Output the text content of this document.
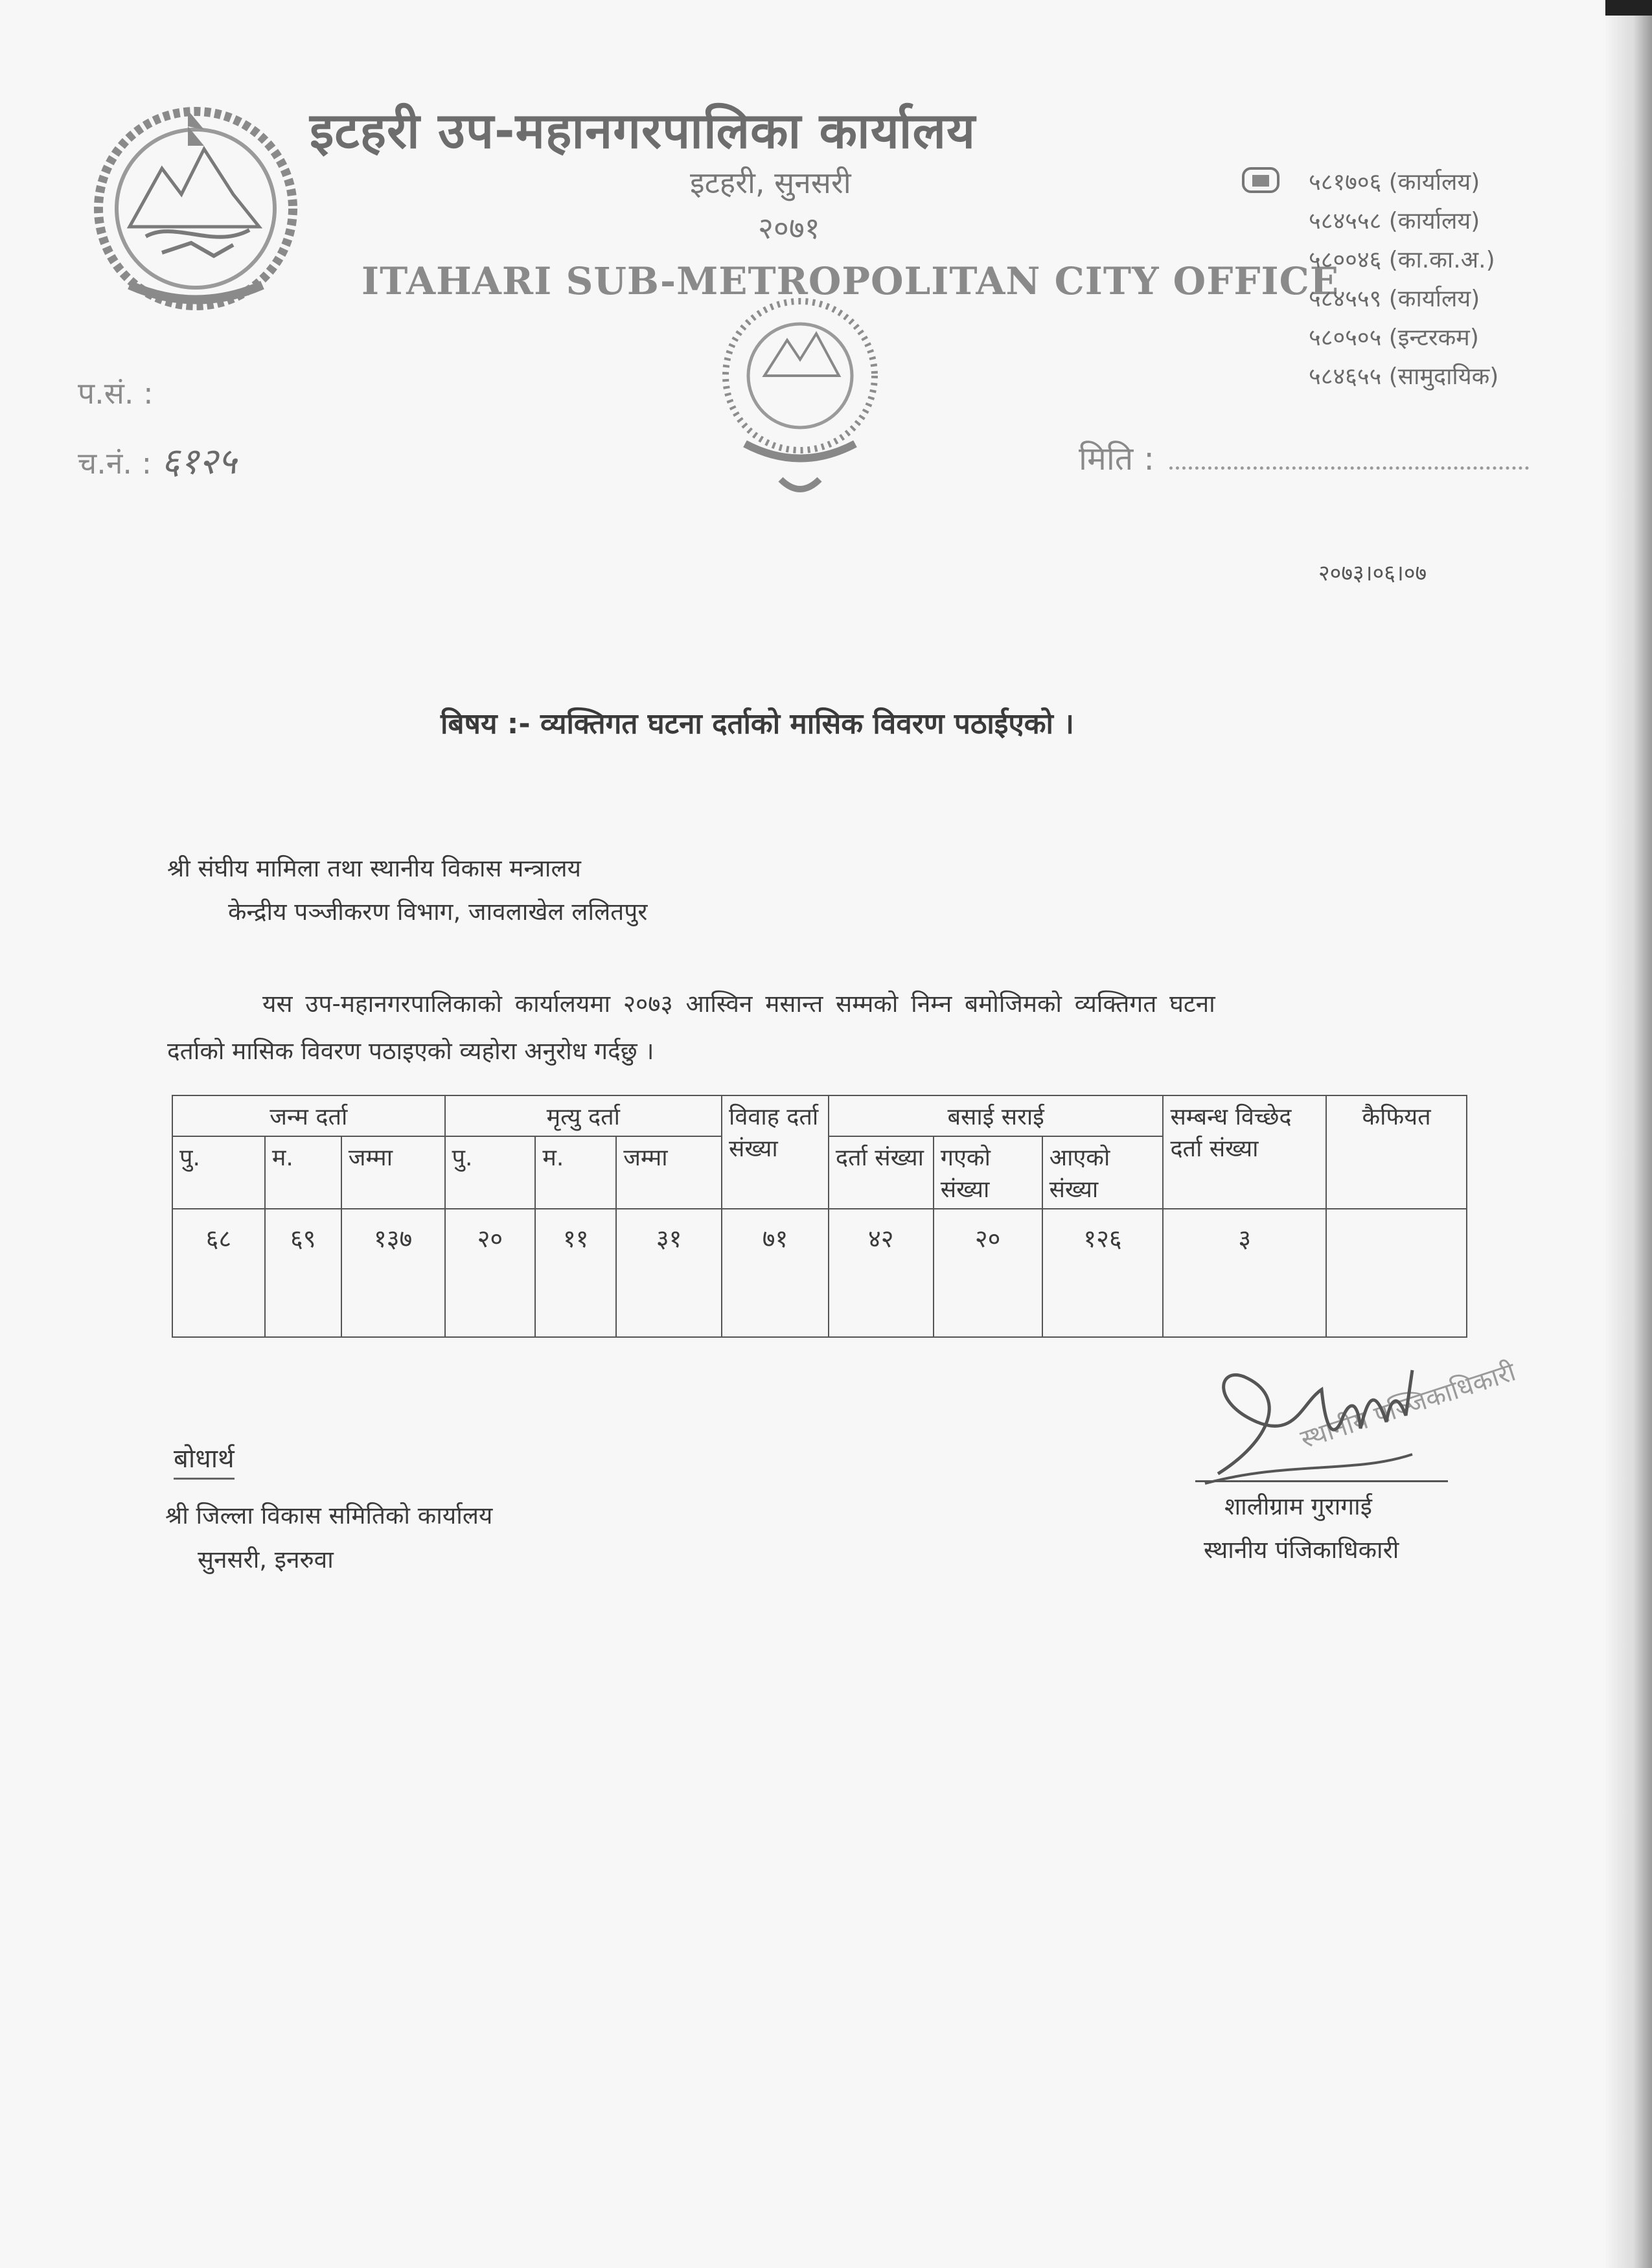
इटहरी उप-महानगरपालिका कार्यालय
इटहरी, सुनसरी
२०७१
ITAHARI SUB-METROPOLITAN CITY OFFICE
५८१७०६ (कार्यालय)
५८४५५८ (कार्यालय)
५८००४६ (का.का.अ.)
५८४५५९ (कार्यालय)
५८०५०५ (इन्टरकम)
५८४६५५ (सामुदायिक)
प.सं. :
च.नं. : ६१२५	मिति :
२०७३।०६।०७
बिषय :- व्यक्तिगत घटना दर्ताको मासिक विवरण पठाईएको ।
श्री संघीय मामिला तथा स्थानीय विकास मन्त्रालय
केन्द्रीय पञ्जीकरण विभाग, जावलाखेल ललितपुर
यस उप-महानगरपालिकाको कार्यालयमा २०७३ आस्विन मसान्त सम्मको निम्न बमोजिमको व्यक्तिगत घटना
दर्ताको मासिक विवरण पठाइएको व्यहोरा अनुरोध गर्दछु ।
जन्म दर्ता			मृत्यु दर्ता			विवाह दर्ता संख्या	बसाई सराई			सम्बन्ध विच्छेद दर्ता संख्या	कैफियत
पु.	म.	जम्मा	पु.	म.	जम्मा		दर्ता संख्या	गएको संख्या	आएको संख्या		
६८	६९	१३७	२०	११	३१	७१	४२	२०	१२६	३	
बोधार्थ
श्री जिल्ला विकास समितिको कार्यालय
सुनसरी, इनरुवा
स्थानीय पञ्जिकाधिकारी
शालीग्राम गुरागाई
स्थानीय पंजिकाधिकारी
